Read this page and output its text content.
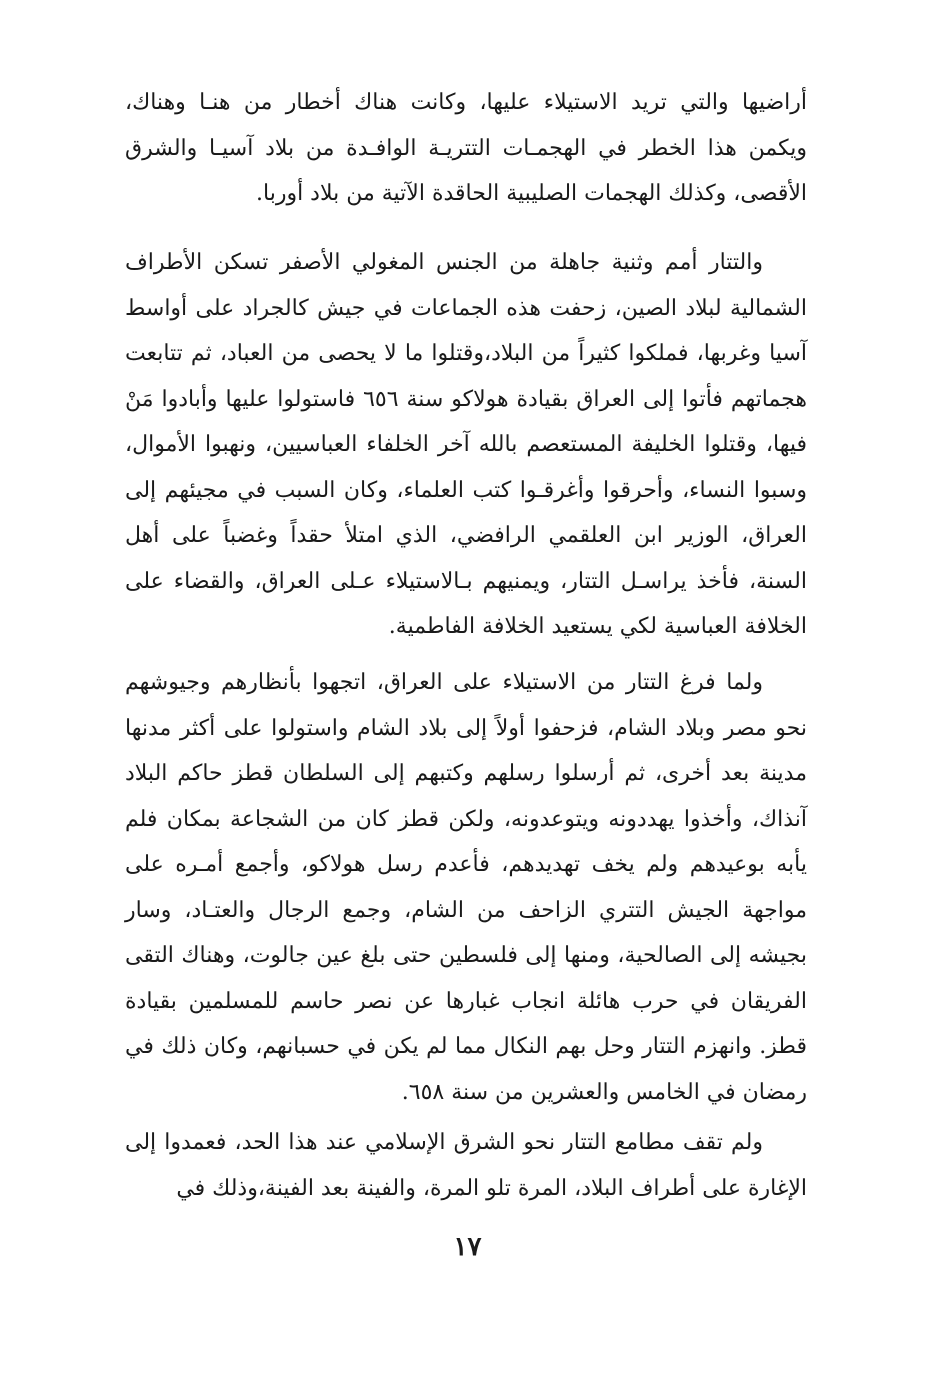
أراضيها والتي تريد الاستيلاء عليها، وكانت هناك أخطار من هنـا وهناك، ويكمن هذا الخطر في الهجمـات التتريـة الوافـدة من بلاد آسيـا والشرق الأقصى، وكذلك الهجمات الصليبية الحاقدة الآتية من بلاد أوربا.

والتتار أمم وثنية جاهلة من الجنس المغولي الأصفر تسكن الأطراف الشمالية لبلاد الصين، زحفت هذه الجماعات في جيش كالجراد على أواسط آسيا وغربها، فملكوا كثيراً من البلاد،وقتلوا ما لا يحصى من العباد، ثم تتابعت هجماتهم فأتوا إلى العراق بقيادة هولاكو سنة ٦٥٦ فاستولوا عليها وأبادوا مَنْ فيها، وقتلوا الخليفة المستعصم بالله آخر الخلفاء العباسيين، ونهبوا الأموال، وسبوا النساء، وأحرقوا وأغرقـوا كتب العلماء، وكان السبب في مجيئهم إلى العراق، الوزير ابن العلقمي الرافضي، الذي امتلأ حقداً وغضباً على أهل السنة، فأخذ يراسـل التتار، ويمنيهم بـالاستيلاء عـلى العراق، والقضاء على الخلافة العباسية لكي يستعيد الخلافة الفاطمية.

ولما فرغ التتار من الاستيلاء على العراق، اتجهوا بأنظارهم وجيوشهم نحو مصر وبلاد الشام، فزحفوا أولاً إلى بلاد الشام واستولوا على أكثر مدنها مدينة بعد أخرى، ثم أرسلوا رسلهم وكتبهم إلى السلطان قطز حاكم البلاد آنذاك، وأخذوا يهددونه ويتوعدونه، ولكن قطز كان من الشجاعة بمكان فلم يأبه بوعيدهم ولم يخف تهديدهم، فأعدم رسل هولاكو، وأجمع أمـره على مواجهة الجيش التتري الزاحف من الشام، وجمع الرجال والعتـاد، وسار بجيشه إلى الصالحية، ومنها إلى فلسطين حتى بلغ عين جالوت، وهناك التقى الفريقان في حرب هائلة انجاب غبارها عن نصر حاسم للمسلمين بقيادة قطز. وانهزم التتار وحل بهم النكال مما لم يكن في حسبانهم، وكان ذلك في رمضان في الخامس والعشرين من سنة ٦٥٨.

ولم تقف مطامع التتار نحو الشرق الإسلامي عند هذا الحد، فعمدوا إلى الإغارة على أطراف البلاد، المرة تلو المرة، والفينة بعد الفينة،وذلك في

١٧
